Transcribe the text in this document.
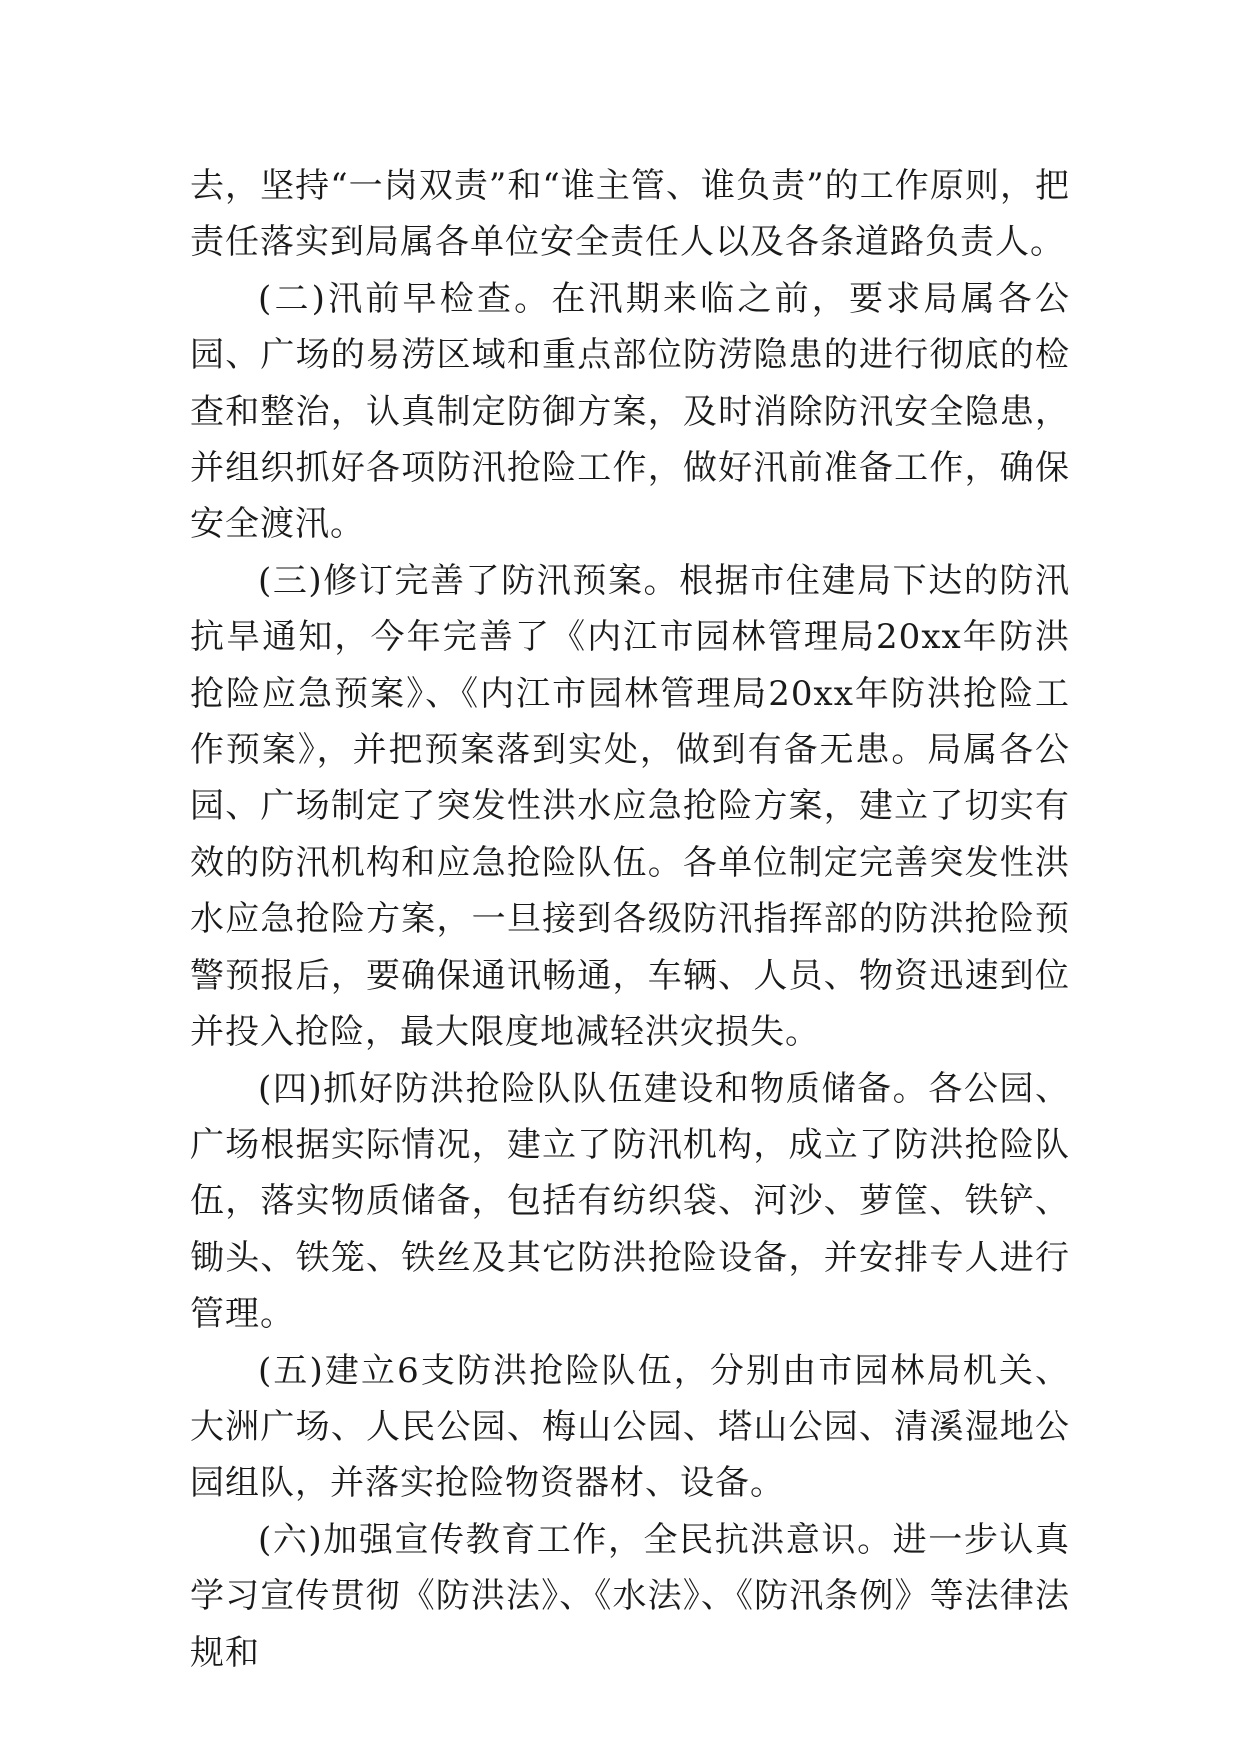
去，坚持“一岗双责”和“谁主管、谁负责”的工作原则，把责任落实到局属各单位安全责任人以及各条道路负责人。

(二)汛前早检查。在汛期来临之前，要求局属各公园、广场的易涝区域和重点部位防涝隐患的进行彻底的检查和整治，认真制定防御方案，及时消除防汛安全隐患，并组织抓好各项防汛抢险工作，做好汛前准备工作，确保安全渡汛。

(三)修订完善了防汛预案。根据市住建局下达的防汛抗旱通知，今年完善了《内江市园林管理局20xx年防洪抢险应急预案》、《内江市园林管理局20xx年防洪抢险工作预案》，并把预案落到实处，做到有备无患。局属各公园、广场制定了突发性洪水应急抢险方案，建立了切实有效的防汛机构和应急抢险队伍。各单位制定完善突发性洪水应急抢险方案，一旦接到各级防汛指挥部的防洪抢险预警预报后，要确保通讯畅通，车辆、人员、物资迅速到位并投入抢险，最大限度地减轻洪灾损失。

(四)抓好防洪抢险队队伍建设和物质储备。各公园、广场根据实际情况，建立了防汛机构，成立了防洪抢险队伍，落实物质储备，包括有纺织袋、河沙、萝筐、铁铲、锄头、铁笼、铁丝及其它防洪抢险设备，并安排专人进行管理。

(五)建立6支防洪抢险队伍，分别由市园林局机关、大洲广场、人民公园、梅山公园、塔山公园、清溪湿地公园组队，并落实抢险物资器材、设备。

(六)加强宣传教育工作，全民抗洪意识。进一步认真学习宣传贯彻《防洪法》、《水法》、《防汛条例》等法律法规和
